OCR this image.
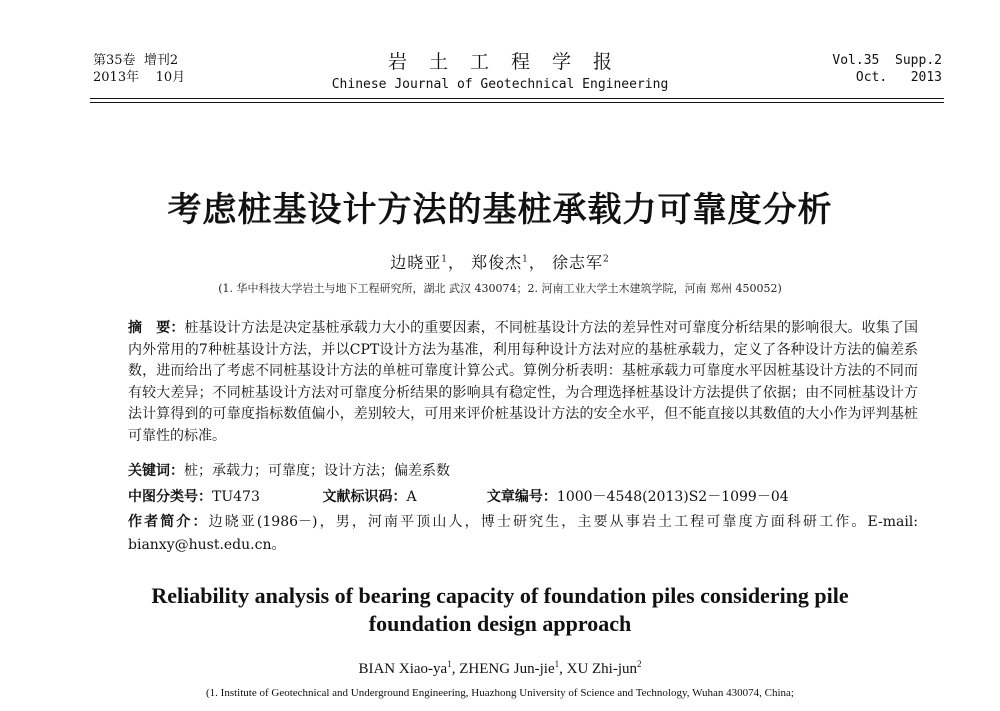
第35卷 增刊2
2013年 10月
岩土工程学报
Chinese Journal of Geotechnical Engineering
Vol.35 Supp.2
Oct. 2013
考虑桩基设计方法的基桩承载力可靠度分析
边晓亚$^1$， 郑俊杰$^1$， 徐志军$^2$
(1. 华中科技大学岩土与地下工程研究所，湖北 武汉 430074；2. 河南工业大学土木建筑学院，河南 郑州 450052)

摘　要：桩基设计方法是决定基桩承载力大小的重要因素，不同桩基设计方法的差异性对可靠度分析结果的影响很大。收集了国内外常用的7种桩基设计方法，并以CPT设计方法为基准，利用每种设计方法对应的基桩承载力，定义了各种设计方法的偏差系数，进而给出了考虑不同桩基设计方法的单桩可靠度计算公式。算例分析表明：基桩承载力可靠度水平因桩基设计方法的不同而有较大差异；不同桩基设计方法对可靠度分析结果的影响具有稳定性，为合理选择桩基设计方法提供了依据；由不同桩基设计方法计算得到的可靠度指标数值偏小，差别较大，可用来评价桩基设计方法的安全水平，但不能直接以其数值的大小作为评判基桩可靠性的标准。

关键词：桩；承载力；可靠度；设计方法；偏差系数
中图分类号：TU473	文献标识码：A	文章编号：1000－4548(2013)S2－1099－04
作者简介：边晓亚(1986－)，男，河南平顶山人，博士研究生，主要从事岩土工程可靠度方面科研工作。E-mail: bianxy@hust.edu.cn。
Reliability analysis of bearing capacity of foundation piles considering pile
foundation design approach
BIAN Xiao-$ya^1$, ZHENG Jun-jie$^1$, XU Zhi-jun$^2$
(1. Institute of Geotechnical and Underground Engineering, Huazhong University of Science and Technology, Wuhan 430074, China;
